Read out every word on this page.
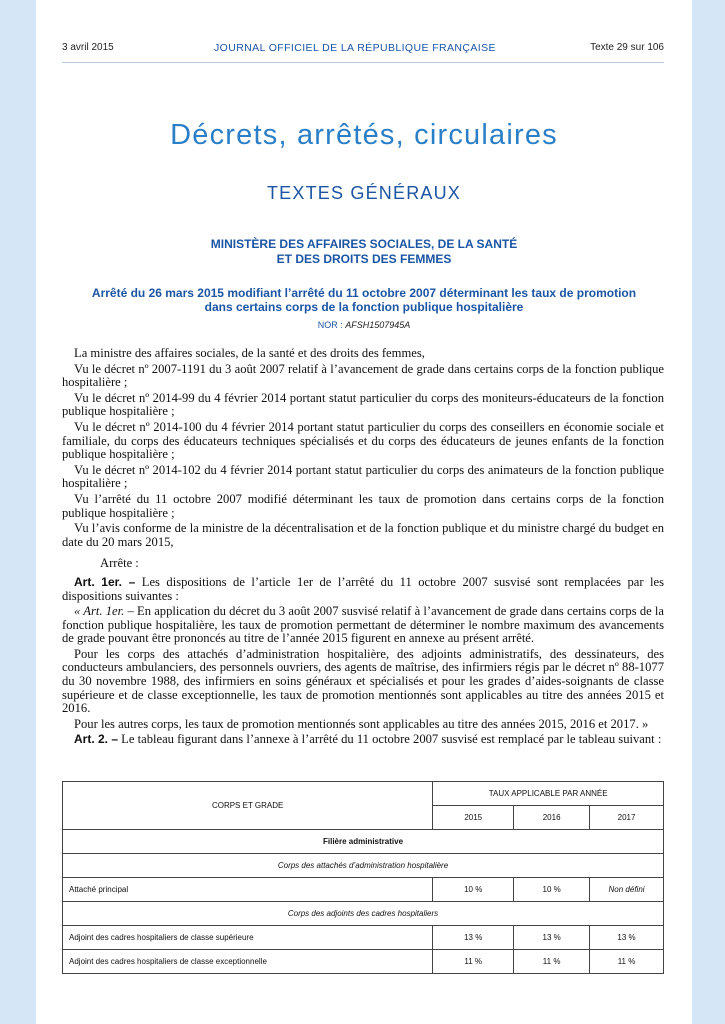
3 avril 2015	JOURNAL OFFICIEL DE LA RÉPUBLIQUE FRANÇAISE	Texte 29 sur 106
Décrets, arrêtés, circulaires
TEXTES GÉNÉRAUX
MINISTÈRE DES AFFAIRES SOCIALES, DE LA SANTÉ
ET DES DROITS DES FEMMES
Arrêté du 26 mars 2015 modifiant l’arrêté du 11 octobre 2007 déterminant les taux de promotion
dans certains corps de la fonction publique hospitalière
NOR : AFSH1507945A

La ministre des affaires sociales, de la santé et des droits des femmes,

Vu le décret nº 2007-1191 du 3 août 2007 relatif à l’avancement de grade dans certains corps de la fonction publique hospitalière ;

Vu le décret nº 2014-99 du 4 février 2014 portant statut particulier du corps des moniteurs-éducateurs de la fonction publique hospitalière ;

Vu le décret nº 2014-100 du 4 février 2014 portant statut particulier du corps des conseillers en économie sociale et familiale, du corps des éducateurs techniques spécialisés et du corps des éducateurs de jeunes enfants de la fonction publique hospitalière ;

Vu le décret nº 2014-102 du 4 février 2014 portant statut particulier du corps des animateurs de la fonction publique hospitalière ;

Vu l’arrêté du 11 octobre 2007 modifié déterminant les taux de promotion dans certains corps de la fonction publique hospitalière ;

Vu l’avis conforme de la ministre de la décentralisation et de la fonction publique et du ministre chargé du budget en date du 20 mars 2015,

Arrête :

Art. 1er. – Les dispositions de l’article 1er de l’arrêté du 11 octobre 2007 susvisé sont remplacées par les dispositions suivantes :

« Art. 1er. – En application du décret du 3 août 2007 susvisé relatif à l’avancement de grade dans certains corps de la fonction publique hospitalière, les taux de promotion permettant de déterminer le nombre maximum des avancements de grade pouvant être prononcés au titre de l’année 2015 figurent en annexe au présent arrêté.

Pour les corps des attachés d’administration hospitalière, des adjoints administratifs, des dessinateurs, des conducteurs ambulanciers, des personnels ouvriers, des agents de maîtrise, des infirmiers régis par le décret nº 88-1077 du 30 novembre 1988, des infirmiers en soins généraux et spécialisés et pour les grades d’aides-soignants de classe supérieure et de classe exceptionnelle, les taux de promotion mentionnés sont applicables au titre des années 2015 et 2016.

Pour les autres corps, les taux de promotion mentionnés sont applicables au titre des années 2015, 2016 et 2017. »

Art. 2. – Le tableau figurant dans l’annexe à l’arrêté du 11 octobre 2007 susvisé est remplacé par le tableau suivant :

CORPS ET GRADE	TAUX APPLICABLE PAR ANNÉE		
	2015	2016	2017
Filière administrative			
Corps des attachés d’administration hospitalière			
Attaché principal	10 %	10 %	Non défini
Corps des adjoints des cadres hospitaliers			
Adjoint des cadres hospitaliers de classe supérieure	13 %	13 %	13 %
Adjoint des cadres hospitaliers de classe exceptionnelle	11 %	11 %	11 %
